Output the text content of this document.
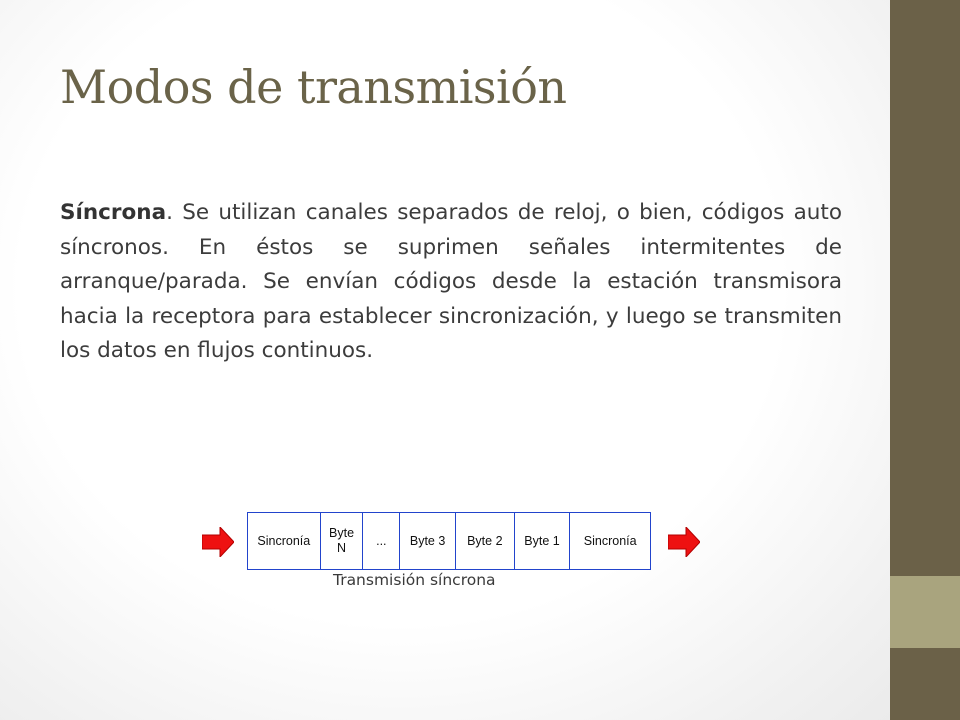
Modos de transmisión
Síncrona. Se utilizan canales separados de reloj, o bien, códigos auto síncronos. En éstos se suprimen señales intermitentes de arranque/parada. Se envían códigos desde la estación transmisora hacia la receptora para establecer sincronización, y luego se transmiten los datos en flujos continuos.
Sincronía
Byte
N
... Byte 3 Byte 2 Byte 1 Sincronía
Transmisión síncrona
